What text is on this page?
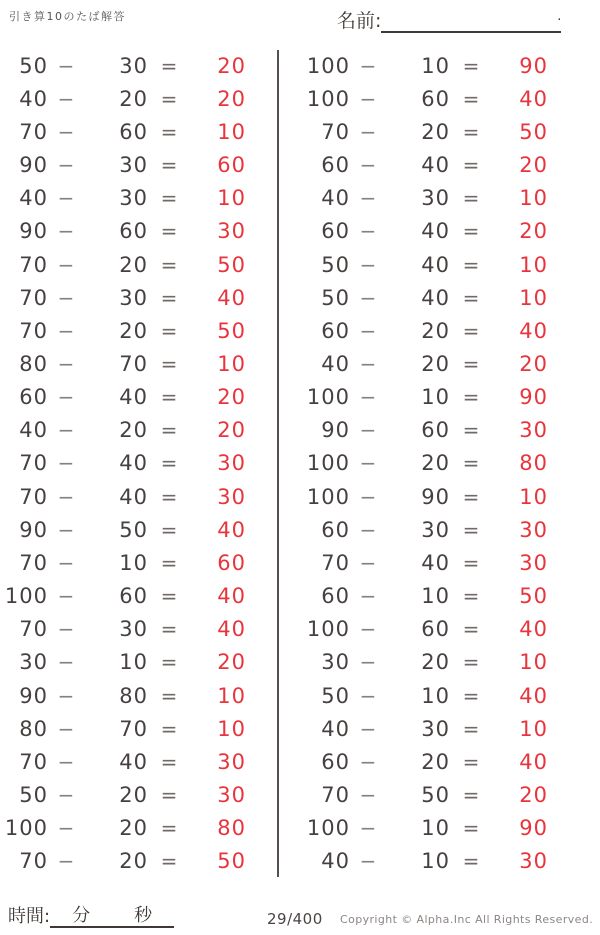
引き算10のたば解答	名前:	.
50 −	30 =	20
40 −	20 =	20
70 −	60 =	10
90 −	30 =	60
40 −	30 =	10
90 −	60 =	30
70 −	20 =	50
70 −	30 =	40
70 −	20 =	50
80 −	70 =	10
60 −	40 =	20
40 −	20 =	20
70 −	40 =	30
70 −	40 =	30
90 −	50 =	40
70 −	10 =	60
100 −	60 =	40
70 −	30 =	40
30 −	10 =	20
90 −	80 =	10
80 −	70 =	10
70 −	40 =	30
50 −	20 =	30
100 −	20 =	80
70 −	20 =	50
100 −	10 =	90
100 −	60 =	40
70 −	20 =	50
60 −	40 =	20
40 −	30 =	10
60 −	40 =	20
50 −	40 =	10
50 −	40 =	10
60 −	20 =	40
40 −	20 =	20
100 −	10 =	90
90 −	60 =	30
100 −	20 =	80
100 −	90 =	10
60 −	30 =	30
70 −	40 =	30
60 −	10 =	50
100 −	60 =	40
30 −	20 =	10
50 −	10 =	40
40 −	30 =	10
60 −	20 =	40
70 −	50 =	20
100 −	10 =	90
40 −	10 =	30
時間: 分 秒	29/400 Copyright © Alpha.Inc All Rights Reserved.
